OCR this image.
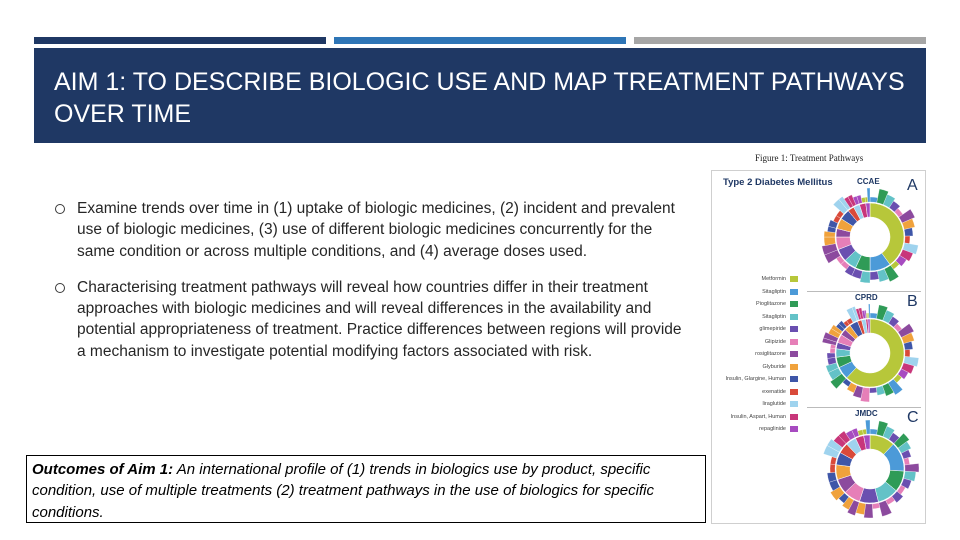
AIM 1: TO DESCRIBE BIOLOGIC USE AND MAP TREATMENT PATHWAYS OVER TIME
Figure 1: Treatment Pathways
Examine trends over time in (1) uptake of biologic medicines, (2) incident and prevalent use of biologic medicines, (3) use of different biologic medicines concurrently for the same condition or across multiple conditions, and (4) average doses used.
Characterising treatment pathways will reveal how countries differ in their treatment approaches with biologic medicines and will reveal differences in the availability and potential appropriateness of treatment. Practice differences between regions will provide a mechanism to investigate potential modifying factors associated with risk.
Outcomes of Aim 1: An international profile of (1) trends in biologics use by product, specific condition, use of multiple treatments (2) treatment pathways in the use of biologics for specific conditions.
Type 2 Diabetes Mellitus	CCAE A
CPRD B
JMDC C
Metformin
Sitagliptin
Pioglitazone
Sitagliptin
glimepiride
Glipizide
rosiglitazone
Glyburide
Insulin, Glargine, Human
exenatide
liraglutide
Insulin, Aspart, Human
repaglinide
